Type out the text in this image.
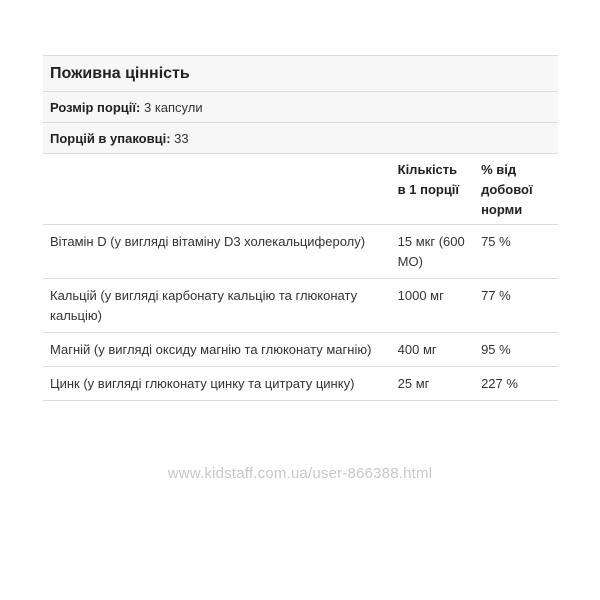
Поживна цінність
Розмір порції: 3 капсули
Порцій в упаковці: 33
	Кількість в 1 порції	% від добової норми
Вітамін D (у вигляді вітаміну D3 холекальциферолу)	15 мкг (600 МО)	75 %
Кальцій (у вигляді карбонату кальцію та глюконату кальцію)	1000 мг	77 %
Магній (у вигляді оксиду магнію та глюконату магнію)	400 мг	95 %
Цинк (у вигляді глюконату цинку та цитрату цинку)	25 мг	227 %
www.kidstaff.com.ua/user-866388.html
